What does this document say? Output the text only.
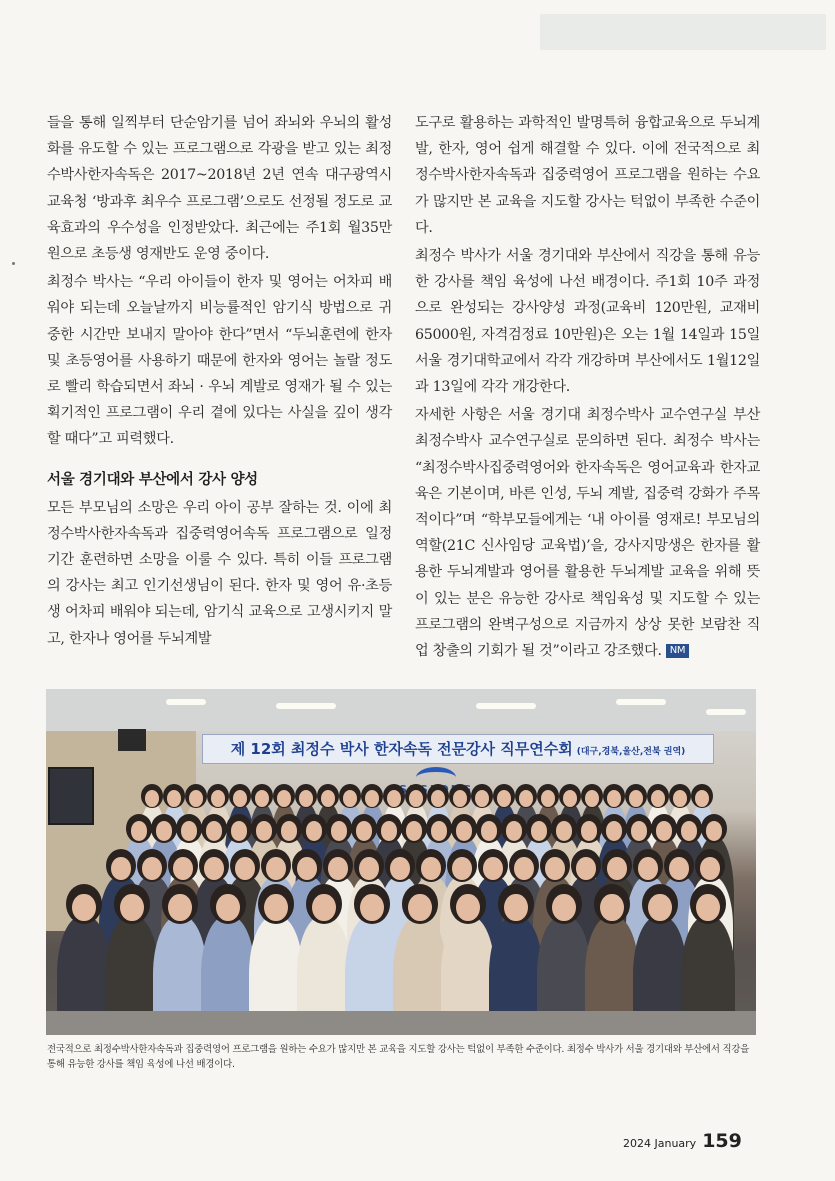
들을 통해 일찍부터 단순암기를 넘어 좌뇌와 우뇌의 활성화를 유도할 수 있는 프로그램으로 각광을 받고 있는 최정수박사한자속독은 2017~2018년 2년 연속 대구광역시 교육청 ‘방과후 최우수 프로그램’으로도 선정될 정도로 교육효과의 우수성을 인정받았다. 최근에는 주1회 월35만원으로 초등생 영재반도 운영 중이다.

최정수 박사는 “우리 아이들이 한자 및 영어는 어차피 배워야 되는데 오늘날까지 비능률적인 암기식 방법으로 귀중한 시간만 보내지 말아야 한다”면서 “두뇌훈련에 한자 및 초등영어를 사용하기 때문에 한자와 영어는 놀랄 정도로 빨리 학습되면서 좌뇌 · 우뇌 계발로 영재가 될 수 있는 획기적인 프로그램이 우리 곁에 있다는 사실을 깊이 생각할 때다”고 피력했다.

서울 경기대와 부산에서 강사 양성

모든 부모님의 소망은 우리 아이 공부 잘하는 것. 이에 최정수박사한자속독과 집중력영어속독 프로그램으로 일정기간 훈련하면 소망을 이룰 수 있다. 특히 이들 프로그램의 강사는 최고 인기선생님이 된다. 한자 및 영어 유·초등생 어차피 배워야 되는데, 암기식 교육으로 고생시키지 말고, 한자나 영어를 두뇌계발

도구로 활용하는 과학적인 발명특허 융합교육으로 두뇌계발, 한자, 영어 쉽게 해결할 수 있다. 이에 전국적으로 최정수박사한자속독과 집중력영어 프로그램을 원하는 수요가 많지만 본 교육을 지도할 강사는 턱없이 부족한 수준이다.

최정수 박사가 서울 경기대와 부산에서 직강을 통해 유능한 강사를 책임 육성에 나선 배경이다. 주1회 10주 과정으로 완성되는 강사양성 과정(교육비 120만원, 교재비 65000원, 자격검정료 10만원)은 오는 1월 14일과 15일 서울 경기대학교에서 각각 개강하며 부산에서도 1월12일과 13일에 각각 개강한다.

자세한 사항은 서울 경기대 최정수박사 교수연구실 부산 최정수박사 교수연구실로 문의하면 된다. 최정수 박사는 “최정수박사집중력영어와 한자속독은 영어교육과 한자교육은 기본이며, 바른 인성, 두뇌 계발, 집중력 강화가 주목적이다”며 “학부모들에게는 ‘내 아이를 영재로! 부모님의 역할(21C 신사임당 교육법)’을, 강사지망생은 한자를 활용한 두뇌계발과 영어를 활용한 두뇌계발 교육을 위해 뜻이 있는 분은 유능한 강사로 책임육성 및 지도할 수 있는 프로그램의 완벽구성으로 지금까지 상상 못한 보람찬 직업 창출의 기회가 될 것”이라고 강조했다. NM

제 12회 최정수 박사 한자속독 전문강사 직무연수회 (대구,경북,울산,전북 권역)
전국적으로 최정수박사한자속독과 집중력영어 프로그램을 원하는 수요가 많지만 본 교육을 지도할 강사는 턱없이 부족한 수준이다. 최정수 박사가 서울 경기대와 부산에서 직강을 통해 유능한 강사를 책임 육성에 나선 배경이다.
2024 January 159
